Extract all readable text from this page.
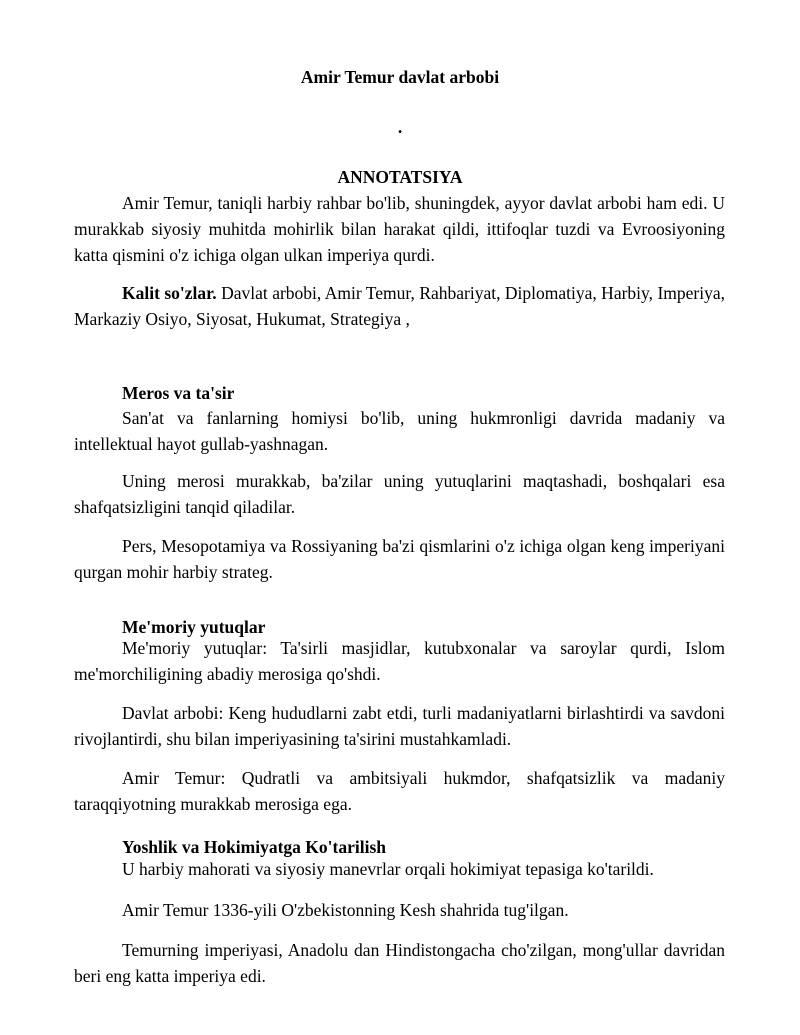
Amir Temur davlat arbobi
.
ANNOTATSIYA

Amir Temur, taniqli harbiy rahbar bo'lib, shuningdek, ayyor davlat arbobi ham edi. U murakkab siyosiy muhitda mohirlik bilan harakat qildi, ittifoqlar tuzdi va Evroosiyoning katta qismini o'z ichiga olgan ulkan imperiya qurdi.

Kalit so'zlar. Davlat arbobi, Amir Temur, Rahbariyat, Diplomatiya, Harbiy, Imperiya, Markaziy Osiyo, Siyosat, Hukumat, Strategiya ,

Meros va ta'sir

San'at va fanlarning homiysi bo'lib, uning hukmronligi davrida madaniy va intellektual hayot gullab-yashnagan.

Uning merosi murakkab, ba'zilar uning yutuqlarini maqtashadi, boshqalari esa shafqatsizligini tanqid qiladilar.

Pers, Mesopotamiya va Rossiyaning ba'zi qismlarini o'z ichiga olgan keng imperiyani qurgan mohir harbiy strateg.

Me'moriy yutuqlar

Me'moriy yutuqlar: Ta'sirli masjidlar, kutubxonalar va saroylar qurdi, Islom me'morchiligining abadiy merosiga qo'shdi.

Davlat arbobi: Keng hududlarni zabt etdi, turli madaniyatlarni birlashtirdi va savdoni rivojlantirdi, shu bilan imperiyasining ta'sirini mustahkamladi.

Amir Temur: Qudratli va ambitsiyali hukmdor, shafqatsizlik va madaniy taraqqiyotning murakkab merosiga ega.

Yoshlik va Hokimiyatga Ko'tarilish

U harbiy mahorati va siyosiy manevrlar orqali hokimiyat tepasiga ko'tarildi.

Amir Temur 1336-yili O'zbekistonning Kesh shahrida tug'ilgan.

Temurning imperiyasi, Anadolu dan Hindistongacha cho'zilgan, mong'ullar davridan beri eng katta imperiya edi.
